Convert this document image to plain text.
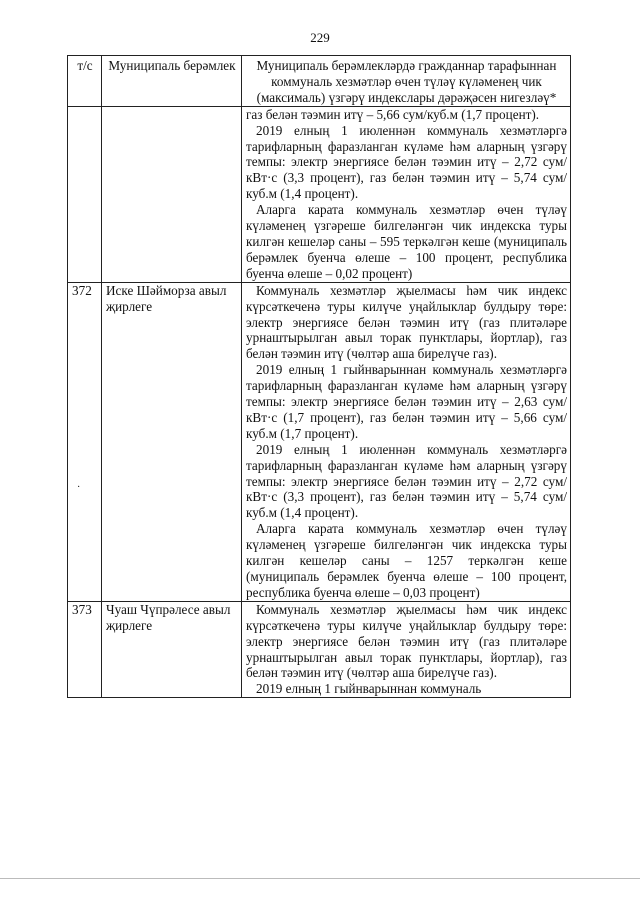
229
т/с	Муниципаль берәмлек	Муниципаль берәмлекләрдә гражданнар тарафыннан коммуналь хезмәтләр өчен түләү күләменең чик (максималь) үзгәрү индекслары дәрәҗәсен нигезләү*

		газ белән тәэмин итү – 5,66 сум/куб.м (1,7 процент).

2019 елның 1 июленнән коммуналь хезмәтләргә тарифларның фаразланган күләме һәм аларның үзгәрү темпы: электр энергиясе белән тәэмин итү – 2,72 сум/кВт·с (3,3 процент), газ белән тәэмин итү – 5,74 сум/куб.м (1,4 процент).

Аларга карата коммуналь хезмәтләр өчен түләү күләменең үзгәреше билгеләнгән чик индекска туры килгән кешеләр саны – 595 теркәлгән кеше (муниципаль берәмлек буенча өлеше – 100 процент, республика буенча өлеше – 0,02 процент)

372	Иске Шәйморза авыл җирлеге	Коммуналь хезмәтләр җыелмасы һәм чик индекс күрсәткеченә туры килүче уңайлыклар булдыру төре: электр энергиясе белән тәэмин итү (газ плитәләре урнаштырылган авыл торак пунктлары, йортлар), газ белән тәэмин итү (чөлтәр аша бирелүче газ).

2019 елның 1 гыйнварыннан коммуналь хезмәтләргә тарифларның фаразланган күләме һәм аларның үзгәрү темпы: электр энергиясе белән тәэмин итү – 2,63 сум/кВт·с (1,7 процент), газ белән тәэмин итү – 5,66 сум/куб.м (1,7 процент).

2019 елның 1 июленнән коммуналь хезмәтләргә тарифларның фаразланган күләме һәм аларның үзгәрү темпы: электр энергиясе белән тәэмин итү – 2,72 сум/кВт·с (3,3 процент), газ белән тәэмин итү – 5,74 сум/куб.м (1,4 процент).

Аларга карата коммуналь хезмәтләр өчен түләү күләменең үзгәреше билгеләнгән чик индекска туры килгән кешеләр саны – 1257 теркәлгән кеше (муниципаль берәмлек буенча өлеше – 100 процент, республика буенча өлеше – 0,03 процент)

373	Чуаш Чүпрәлесе авыл җирлеге	Коммуналь хезмәтләр җыелмасы һәм чик индекс күрсәткеченә туры килүче уңайлыклар булдыру төре: электр энергиясе белән тәэмин итү (газ плитәләре урнаштырылган авыл торак пунктлары, йортлар), газ белән тәэмин итү (чөлтәр аша бирелүче газ).

2019 елның 1 гыйнварыннан коммуналь

·
